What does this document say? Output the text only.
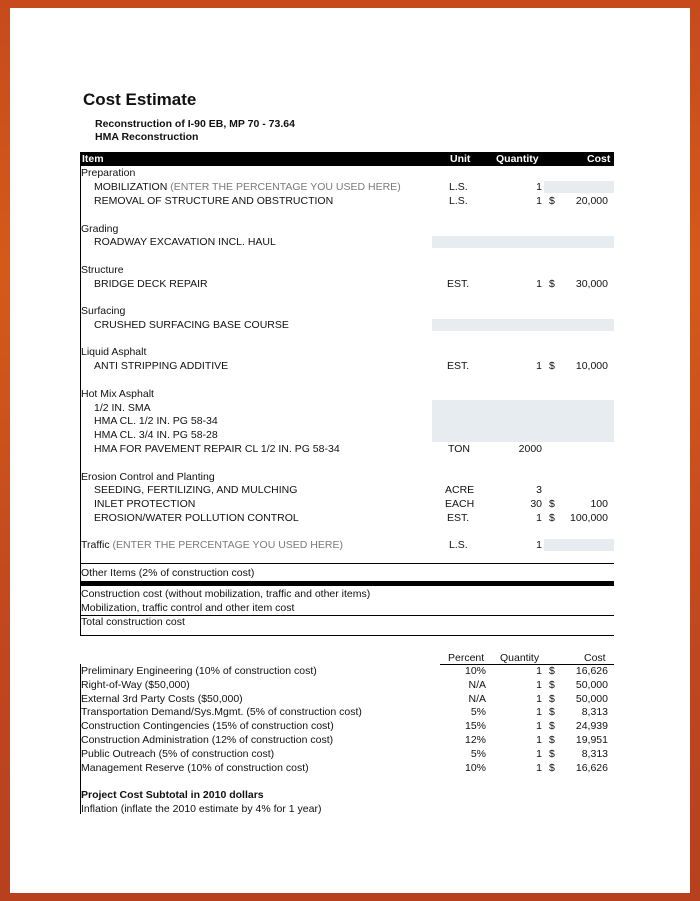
Cost Estimate
Reconstruction of I-90 EB, MP 70 - 73.64
HMA Reconstruction
Item	Unit Quantity	Cost
Preparation
MOBILIZATION (ENTER THE PERCENTAGE YOU USED HERE)	L.S.	1
REMOVAL OF STRUCTURE AND OBSTRUCTION	L.S.	1 $	20,000
Grading
ROADWAY EXCAVATION INCL. HAUL
Structure
BRIDGE DECK REPAIR	EST.	1 $	30,000
Surfacing
CRUSHED SURFACING BASE COURSE
Liquid Asphalt
ANTI STRIPPING ADDITIVE	EST.	1 $	10,000
Hot Mix Asphalt
1/2 IN. SMA
HMA CL. 1/2 IN. PG 58-34
HMA CL. 3/4 IN. PG 58-28
HMA FOR PAVEMENT REPAIR CL 1/2 IN. PG 58-34	TON	2000
Erosion Control and Planting
SEEDING, FERTILIZING, AND MULCHING	ACRE	3
INLET PROTECTION	EACH	30 $	100
EROSION/WATER POLLUTION CONTROL	EST.	1 $	100,000
Traffic (ENTER THE PERCENTAGE YOU USED HERE)	L.S.	1
Other Items (2% of construction cost)
Construction cost (without mobilization, traffic and other items)
Mobilization, traffic control and other item cost
Total construction cost
Percent Quantity	Cost
Preliminary Engineering (10% of construction cost)	10%	1 $	16,626
Right-of-Way ($50,000)	N/A	1 $	50,000
External 3rd Party Costs ($50,000)	N/A	1 $	50,000
Transportation Demand/Sys.Mgmt. (5% of construction cost)	5%	1 $	8,313
Construction Contingencies (15% of construction cost)	15%	1 $	24,939
Construction Administration (12% of construction cost)	12%	1 $	19,951
Public Outreach (5% of construction cost)	5%	1 $	8,313
Management Reserve (10% of construction cost)	10%	1 $	16,626
Project Cost Subtotal in 2010 dollars
Inflation (inflate the 2010 estimate by 4% for 1 year)
